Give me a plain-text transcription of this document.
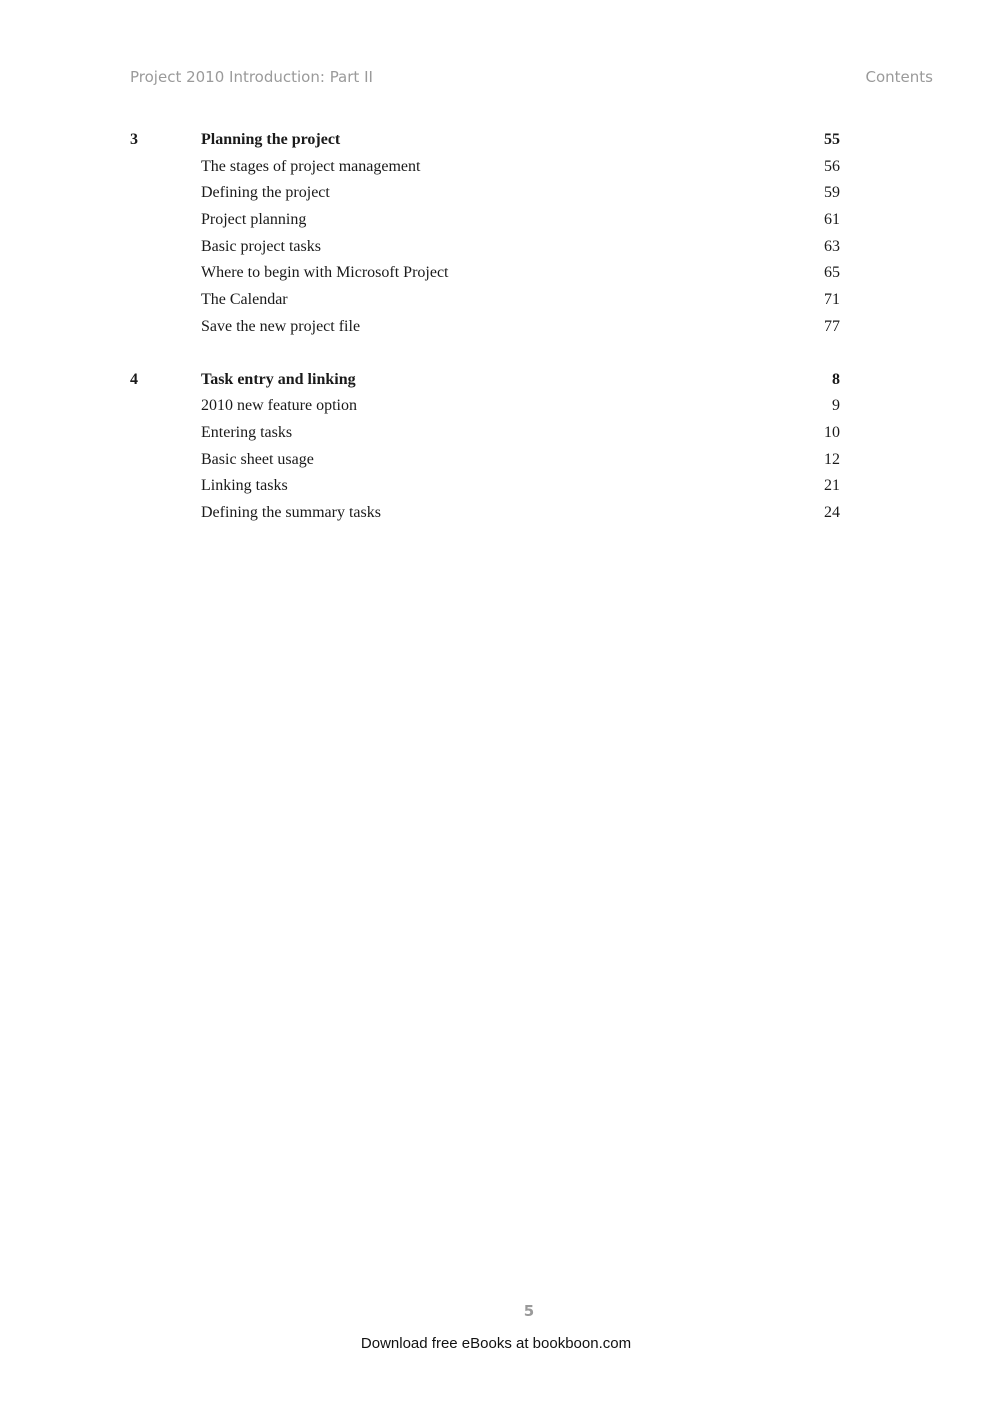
Project 2010 Introduction: Part II	Contents
3	Planning the project	55
The stages of project management	56
Defining the project	59
Project planning	61
Basic project tasks	63
Where to begin with Microsoft Project	65
The Calendar	71
Save the new project file	77
4	Task entry and linking	8
2010 new feature option	9
Entering tasks	10
Basic sheet usage	12
Linking tasks	21
Defining the summary tasks	24
5
Download free eBooks at bookboon.com
